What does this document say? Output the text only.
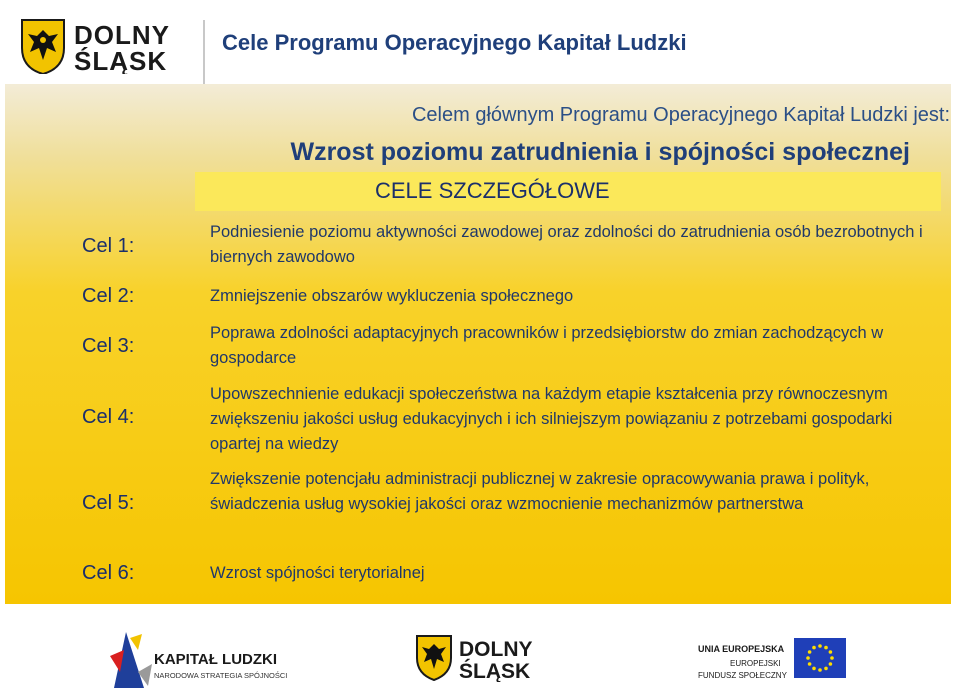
DOLNY
ŚLĄSK
Cele Programu Operacyjnego Kapitał Ludzki
Celem głównym Programu Operacyjnego Kapitał Ludzki jest:
Wzrost poziomu zatrudnienia i spójności społecznej
CELE SZCZEGÓŁOWE
Cel 1:
Cel 2:
Cel 3:
Cel 4:
Cel 5:
Cel 6:
Podniesienie poziomu aktywności zawodowej oraz zdolności do zatrudnienia osób bezrobotnych i biernych zawodowo
Zmniejszenie obszarów wykluczenia społecznego
Poprawa zdolności adaptacyjnych pracowników i przedsiębiorstw do zmian zachodzących w gospodarce
Upowszechnienie edukacji społeczeństwa na każdym etapie kształcenia przy równoczesnym zwiększeniu jakości usług edukacyjnych i ich silniejszym powiązaniu z potrzebami gospodarki opartej na wiedzy
Zwiększenie potencjału administracji publicznej w zakresie opracowywania prawa i polityk, świadczenia usług wysokiej jakości oraz wzmocnienie mechanizmów partnerstwa
Wzrost spójności terytorialnej
KAPITAŁ LUDZKI
NARODOWA STRATEGIA SPÓJNOŚCI
DOLNY
ŚLĄSK
UNIA EUROPEJSKA
EUROPEJSKI
FUNDUSZ SPOŁECZNY
